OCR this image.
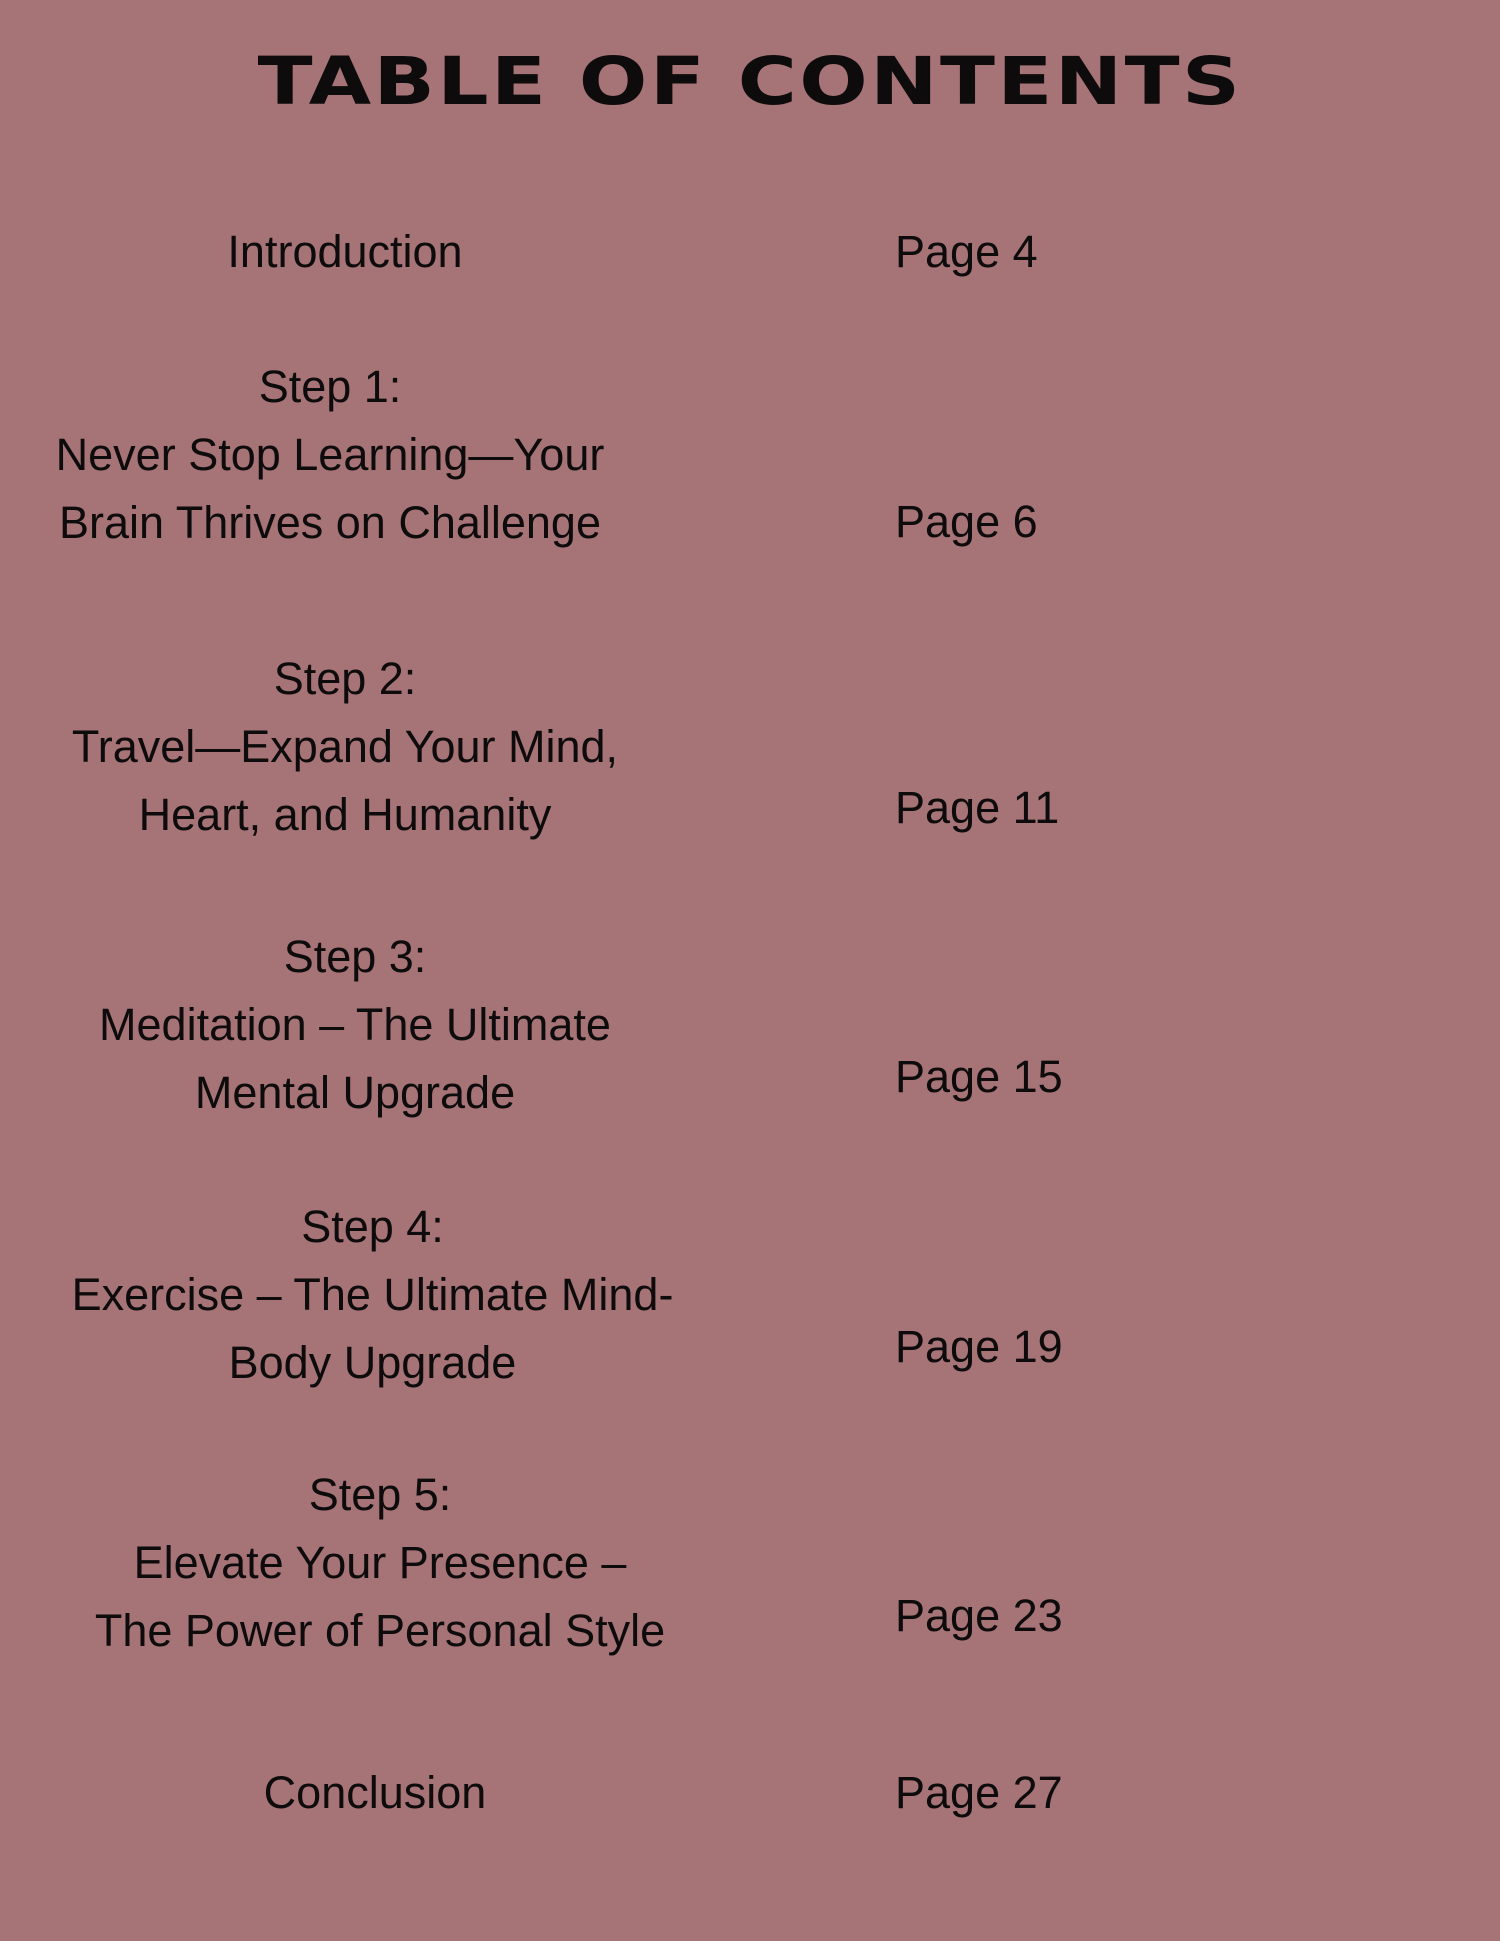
TABLE OF CONTENTS
Introduction	Page 4
Step 1:
Never Stop Learning—Your
Brain Thrives on Challenge	Page 6
Step 2:
Travel—Expand Your Mind,
Heart, and Humanity	Page 11
Step 3:
Meditation – The Ultimate
Mental Upgrade	Page 15
Step 4:
Exercise – The Ultimate Mind-
Body Upgrade	Page 19
Step 5:
Elevate Your Presence –
The Power of Personal Style	Page 23
Conclusion	Page 27
